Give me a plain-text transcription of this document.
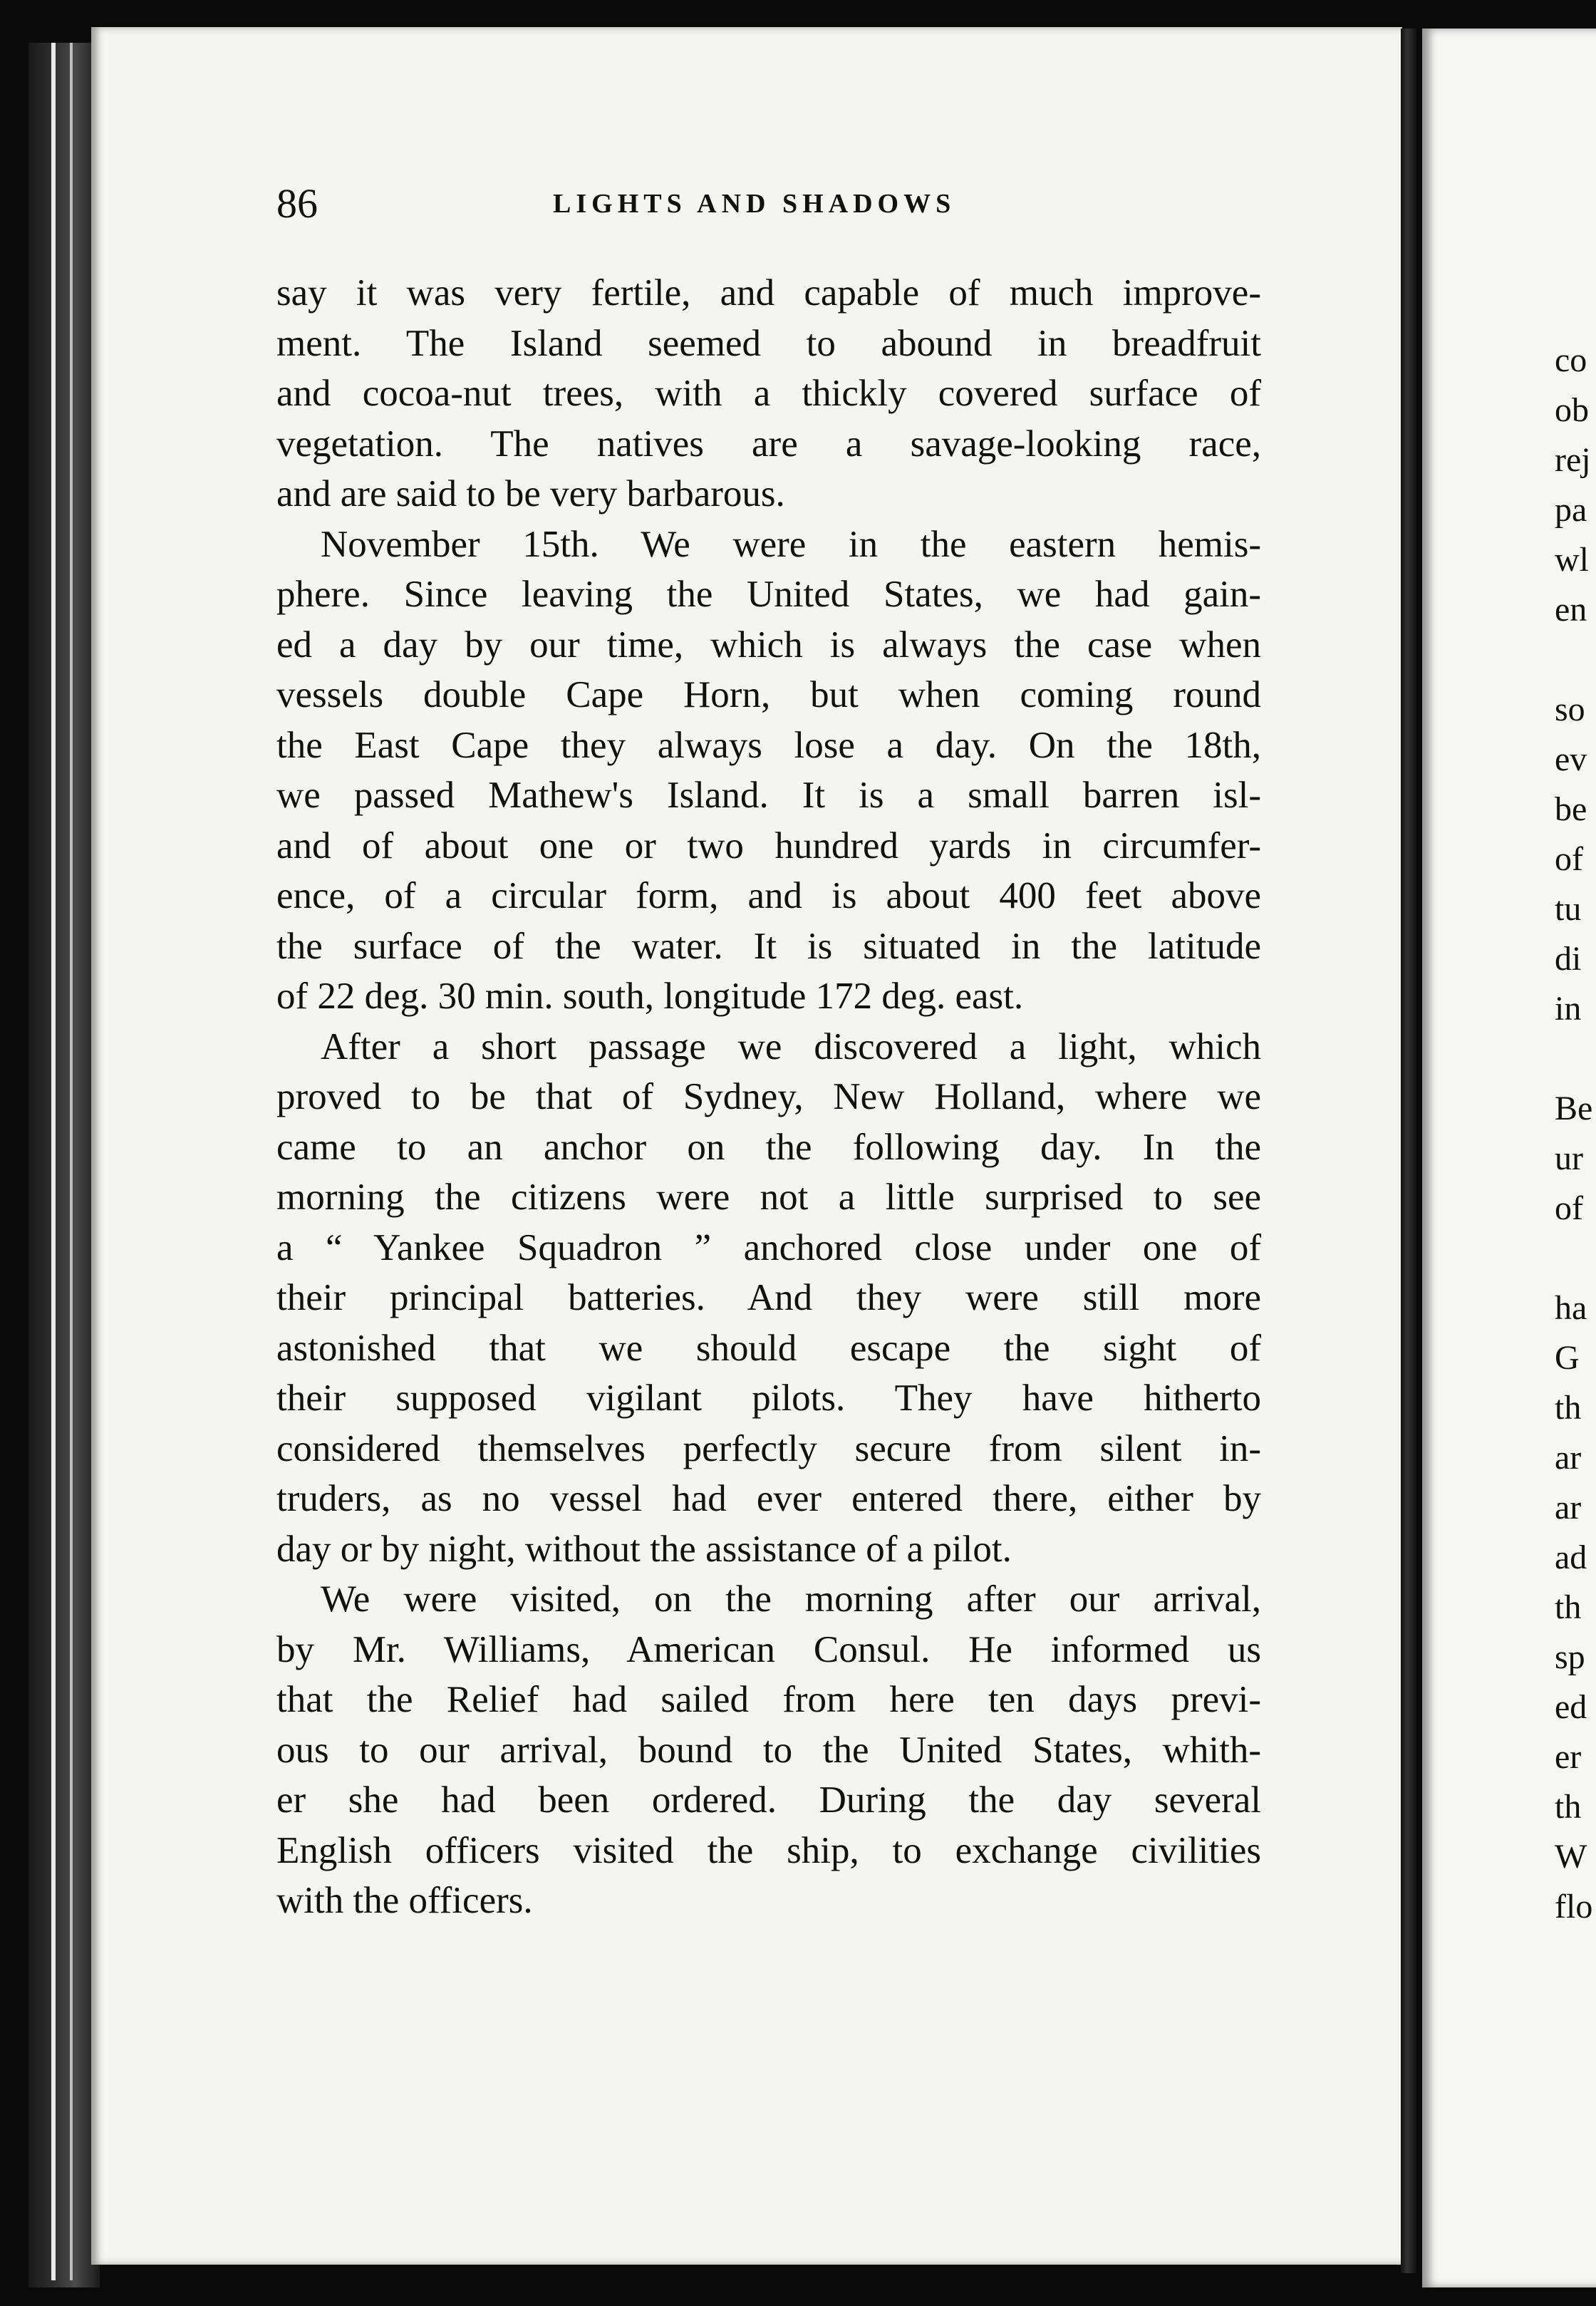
co
ob
rej
pa
wl
en
so
ev
be
of
tu
di
in
Be
ur
of
ha
G
th
ar
ar
ad
th
sp
ed
er
th
W
flo
86	LIGHTS AND SHADOWS

say it was very fertile, and capable of much improve-
ment. The Island seemed to abound in breadfruit
and cocoa-nut trees, with a thickly covered surface of
vegetation. The natives are a savage-looking race,
and are said to be very barbarous.

November 15th. We were in the eastern hemis-
phere. Since leaving the United States, we had gain-
ed a day by our time, which is always the case when
vessels double Cape Horn, but when coming round
the East Cape they always lose a day. On the 18th,
we passed Mathew's Island. It is a small barren isl-
and of about one or two hundred yards in circumfer-
ence, of a circular form, and is about 400 feet above
the surface of the water. It is situated in the latitude
of 22 deg. 30 min. south, longitude 172 deg. east.

After a short passage we discovered a light, which
proved to be that of Sydney, New Holland, where we
came to an anchor on the following day. In the
morning the citizens were not a little surprised to see
a “ Yankee Squadron ” anchored close under one of
their principal batteries. And they were still more
astonished that we should escape the sight of
their supposed vigilant pilots. They have hitherto
considered themselves perfectly secure from silent in-
truders, as no vessel had ever entered there, either by
day or by night, without the assistance of a pilot.

We were visited, on the morning after our arrival,
by Mr. Williams, American Consul. He informed us
that the Relief had sailed from here ten days previ-
ous to our arrival, bound to the United States, whith-
er she had been ordered. During the day several
English officers visited the ship, to exchange civilities
with the officers.
